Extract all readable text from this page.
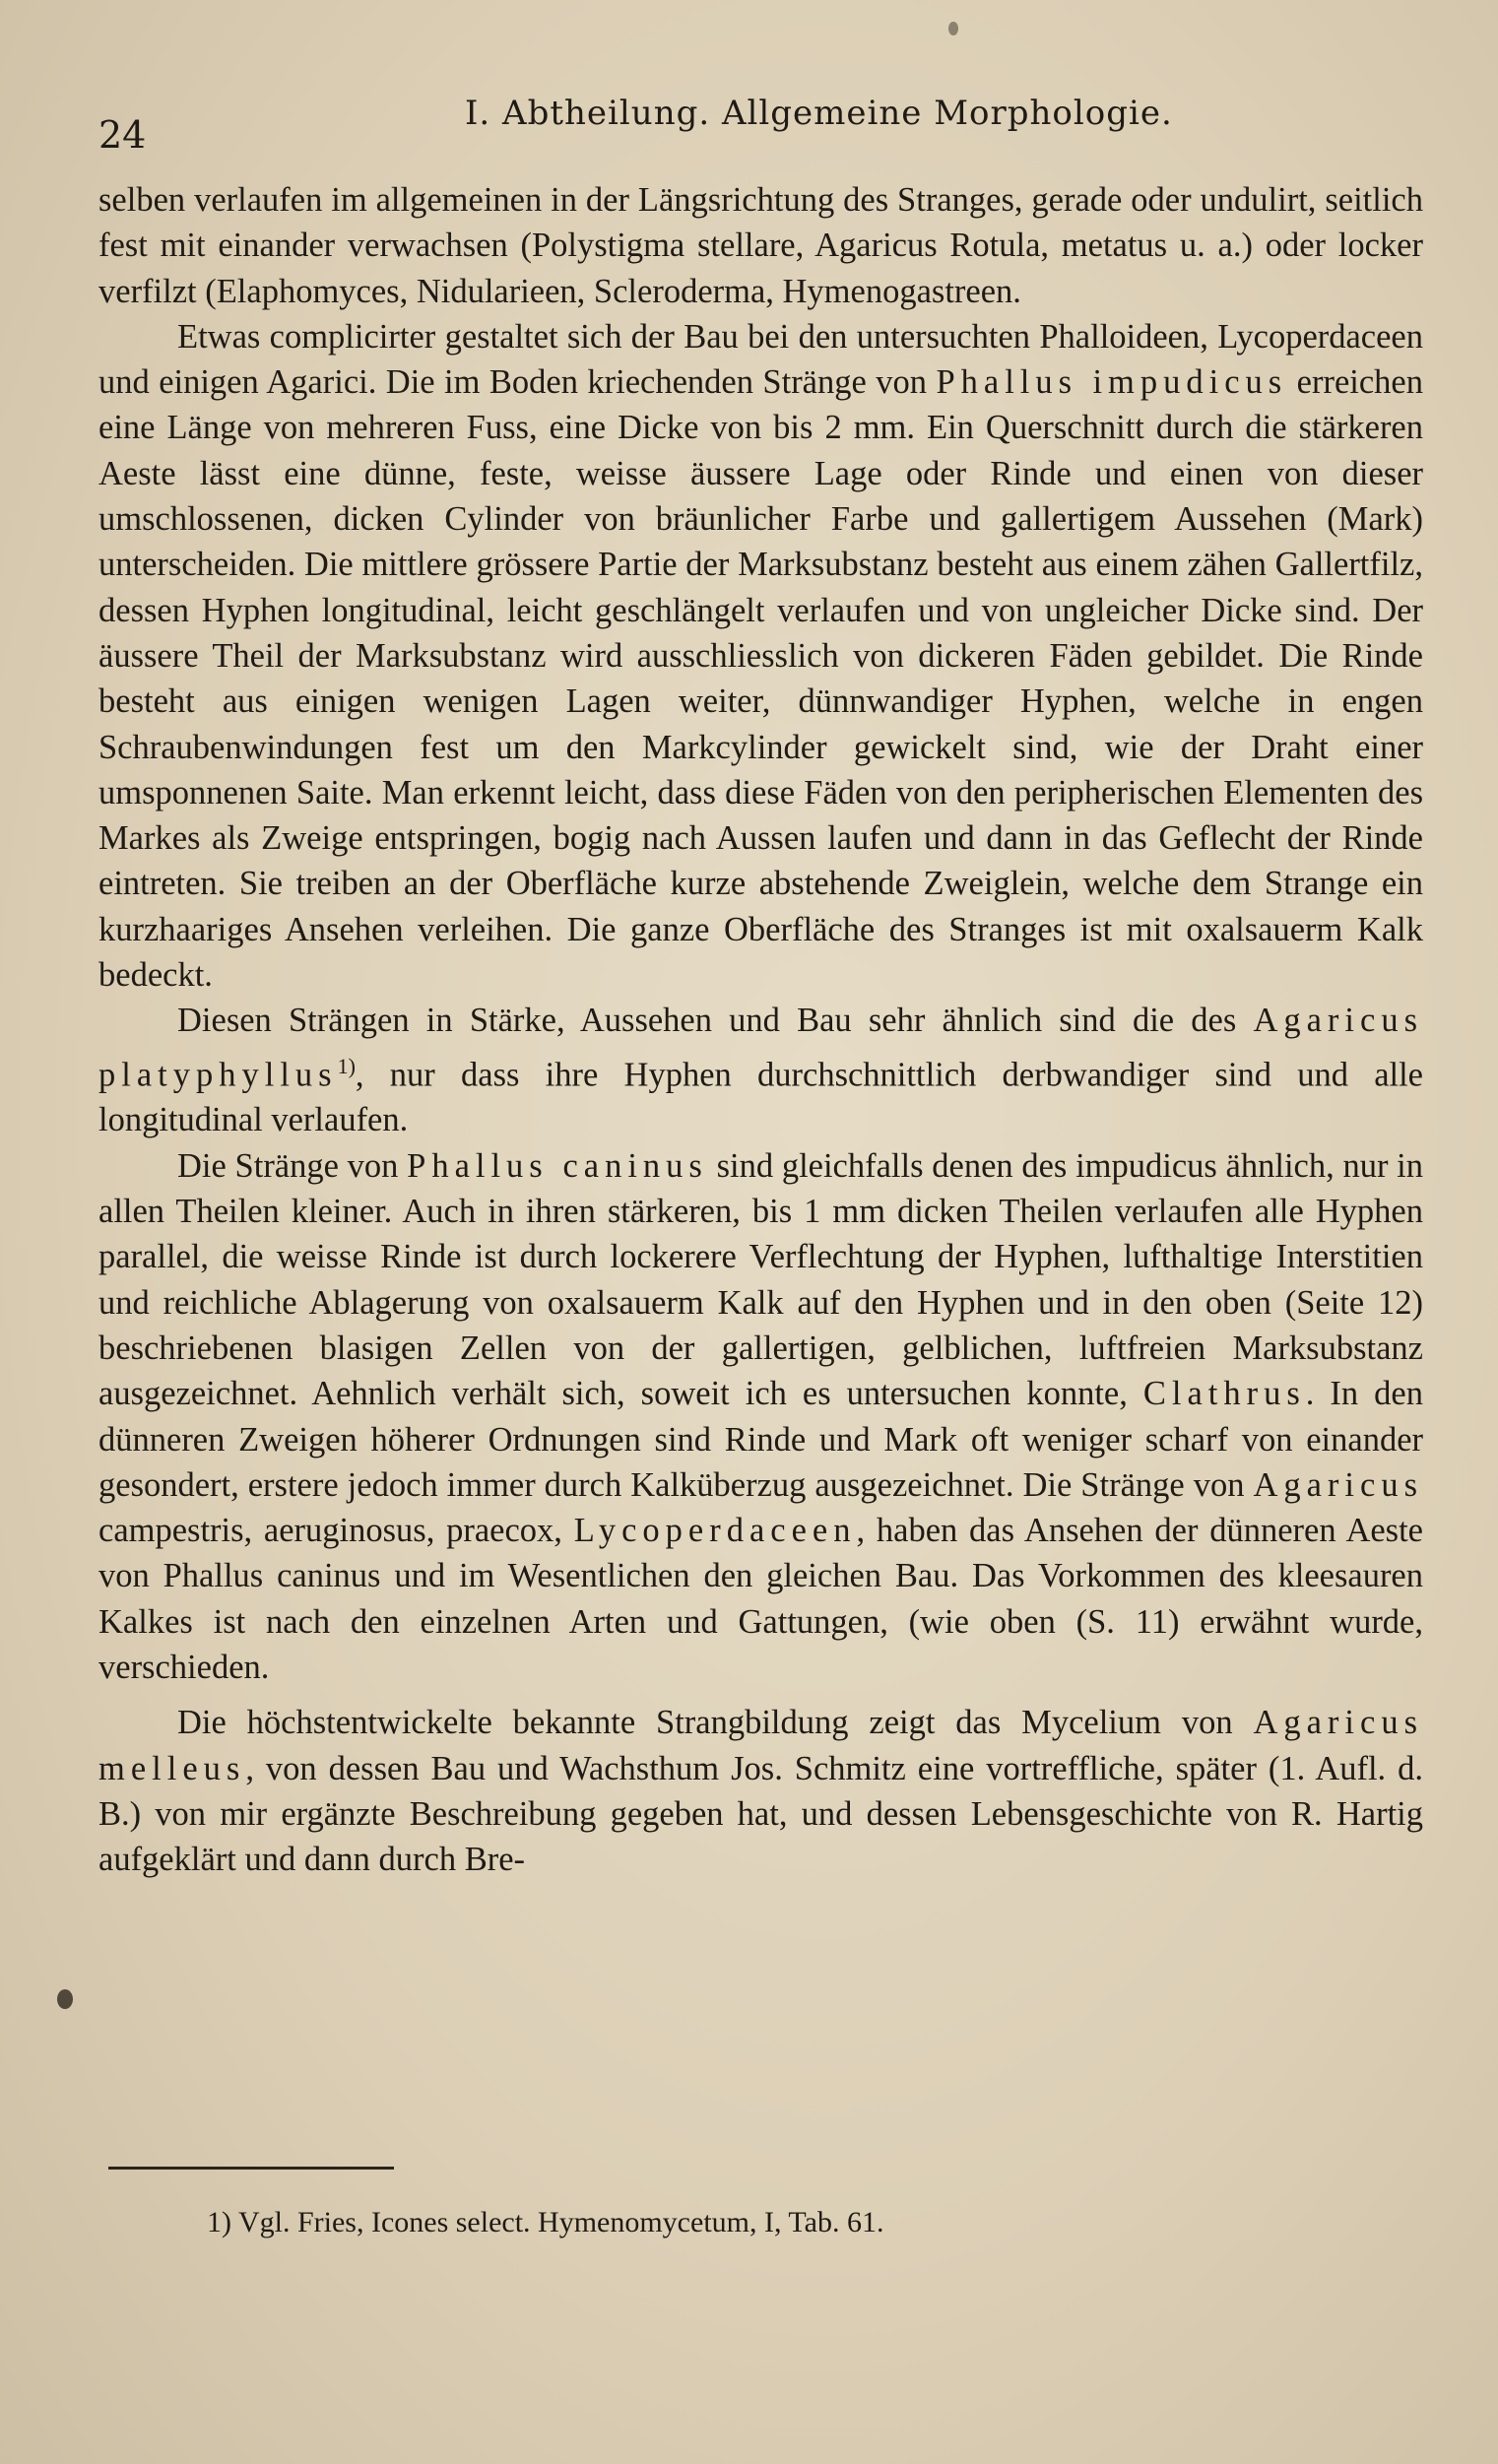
24	I. Abtheilung. Allgemeine Morphologie.

selben verlaufen im allgemeinen in der Längsrichtung des Stranges, gerade oder undulirt, seitlich fest mit einander verwachsen (Polystigma stellare, Agaricus Rotula, metatus u. a.) oder locker verfilzt (Elaphomyces, Nidularieen, Scleroderma, Hymenogastreen.

Etwas complicirter gestaltet sich der Bau bei den untersuchten Phalloideen, Lycoperdaceen und einigen Agarici. Die im Boden kriechenden Stränge von Phallus impudicus erreichen eine Länge von mehreren Fuss, eine Dicke von bis 2 mm. Ein Querschnitt durch die stärkeren Aeste lässt eine dünne, feste, weisse äussere Lage oder Rinde und einen von dieser umschlossenen, dicken Cylinder von bräunlicher Farbe und gallertigem Aussehen (Mark) unterscheiden. Die mittlere grössere Partie der Marksubstanz besteht aus einem zähen Gallertfilz, dessen Hyphen longitudinal, leicht geschlängelt verlaufen und von ungleicher Dicke sind. Der äussere Theil der Marksubstanz wird ausschliesslich von dickeren Fäden gebildet. Die Rinde besteht aus einigen wenigen Lagen weiter, dünnwandiger Hyphen, welche in engen Schraubenwindungen fest um den Markcylinder gewickelt sind, wie der Draht einer umsponnenen Saite. Man erkennt leicht, dass diese Fäden von den peripherischen Elementen des Markes als Zweige entspringen, bogig nach Aussen laufen und dann in das Geflecht der Rinde eintreten. Sie treiben an der Oberfläche kurze abstehende Zweiglein, welche dem Strange ein kurzhaariges Ansehen verleihen. Die ganze Oberfläche des Stranges ist mit oxalsauerm Kalk bedeckt.

Diesen Strängen in Stärke, Aussehen und Bau sehr ähnlich sind die des Agaricus platyphyllus$^{1)}$, nur dass ihre Hyphen durchschnittlich derbwandiger sind und alle longitudinal verlaufen.

Die Stränge von Phallus caninus sind gleichfalls denen des impudicus ähnlich, nur in allen Theilen kleiner. Auch in ihren stärkeren, bis 1 mm dicken Theilen verlaufen alle Hyphen parallel, die weisse Rinde ist durch lockerere Verflechtung der Hyphen, lufthaltige Interstitien und reichliche Ablagerung von oxalsauerm Kalk auf den Hyphen und in den oben (Seite 12) beschriebenen blasigen Zellen von der gallertigen, gelblichen, luftfreien Marksubstanz ausgezeichnet. Aehnlich verhält sich, soweit ich es untersuchen konnte, Clathrus. In den dünneren Zweigen höherer Ordnungen sind Rinde und Mark oft weniger scharf von einander gesondert, erstere jedoch immer durch Kalküberzug ausgezeichnet. Die Stränge von Agaricus campestris, aeruginosus, praecox, Lycoperdaceen, haben das Ansehen der dünneren Aeste von Phallus caninus und im Wesentlichen den gleichen Bau. Das Vorkommen des kleesauren Kalkes ist nach den einzelnen Arten und Gattungen, (wie oben (S. 11) erwähnt wurde, verschieden.

Die höchstentwickelte bekannte Strangbildung zeigt das Mycelium von Agaricus melleus, von dessen Bau und Wachsthum Jos. Schmitz eine vortreffliche, später (1. Aufl. d. B.) von mir ergänzte Beschreibung gegeben hat, und dessen Lebensgeschichte von R. Hartig aufgeklärt und dann durch Bre-

1) Vgl. Fries, Icones select. Hymenomycetum, I, Tab. 61.
